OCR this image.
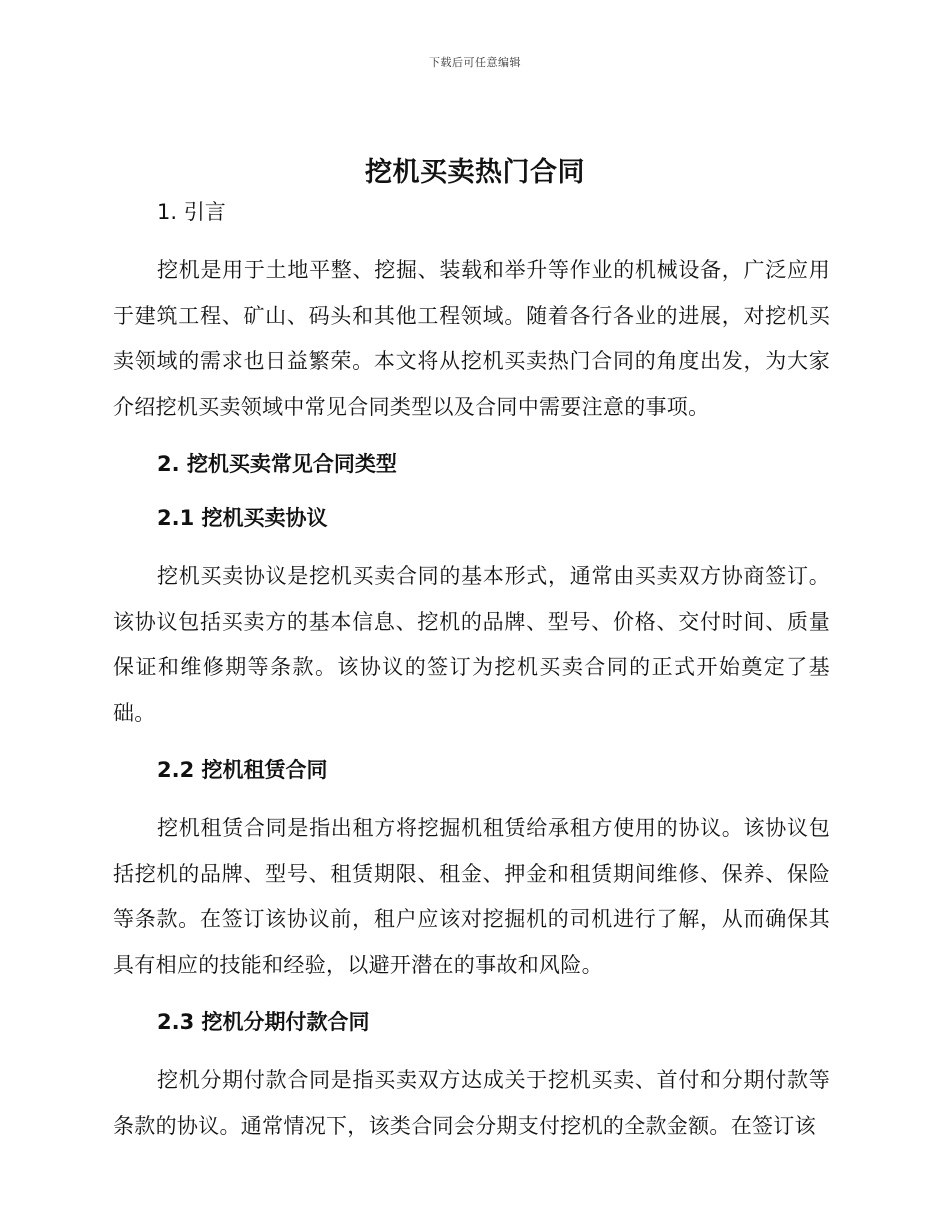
下载后可任意编辑
挖机买卖热门合同
1. 引言

挖机是用于土地平整、挖掘、装载和举升等作业的机械设备，广泛应用于建筑工程、矿山、码头和其他工程领域。随着各行各业的进展，对挖机买卖领域的需求也日益繁荣。本文将从挖机买卖热门合同的角度出发，为大家介绍挖机买卖领域中常见合同类型以及合同中需要注意的事项。

2. 挖机买卖常见合同类型
2.1 挖机买卖协议

挖机买卖协议是挖机买卖合同的基本形式，通常由买卖双方协商签订。该协议包括买卖方的基本信息、挖机的品牌、型号、价格、交付时间、质量保证和维修期等条款。该协议的签订为挖机买卖合同的正式开始奠定了基础。

2.2 挖机租赁合同

挖机租赁合同是指出租方将挖掘机租赁给承租方使用的协议。该协议包括挖机的品牌、型号、租赁期限、租金、押金和租赁期间维修、保养、保险等条款。在签订该协议前，租户应该对挖掘机的司机进行了解，从而确保其具有相应的技能和经验，以避开潜在的事故和风险。

2.3 挖机分期付款合同

挖机分期付款合同是指买卖双方达成关于挖机买卖、首付和分期付款等条款的协议。通常情况下，该类合同会分期支付挖机的全款金额。在签订该
